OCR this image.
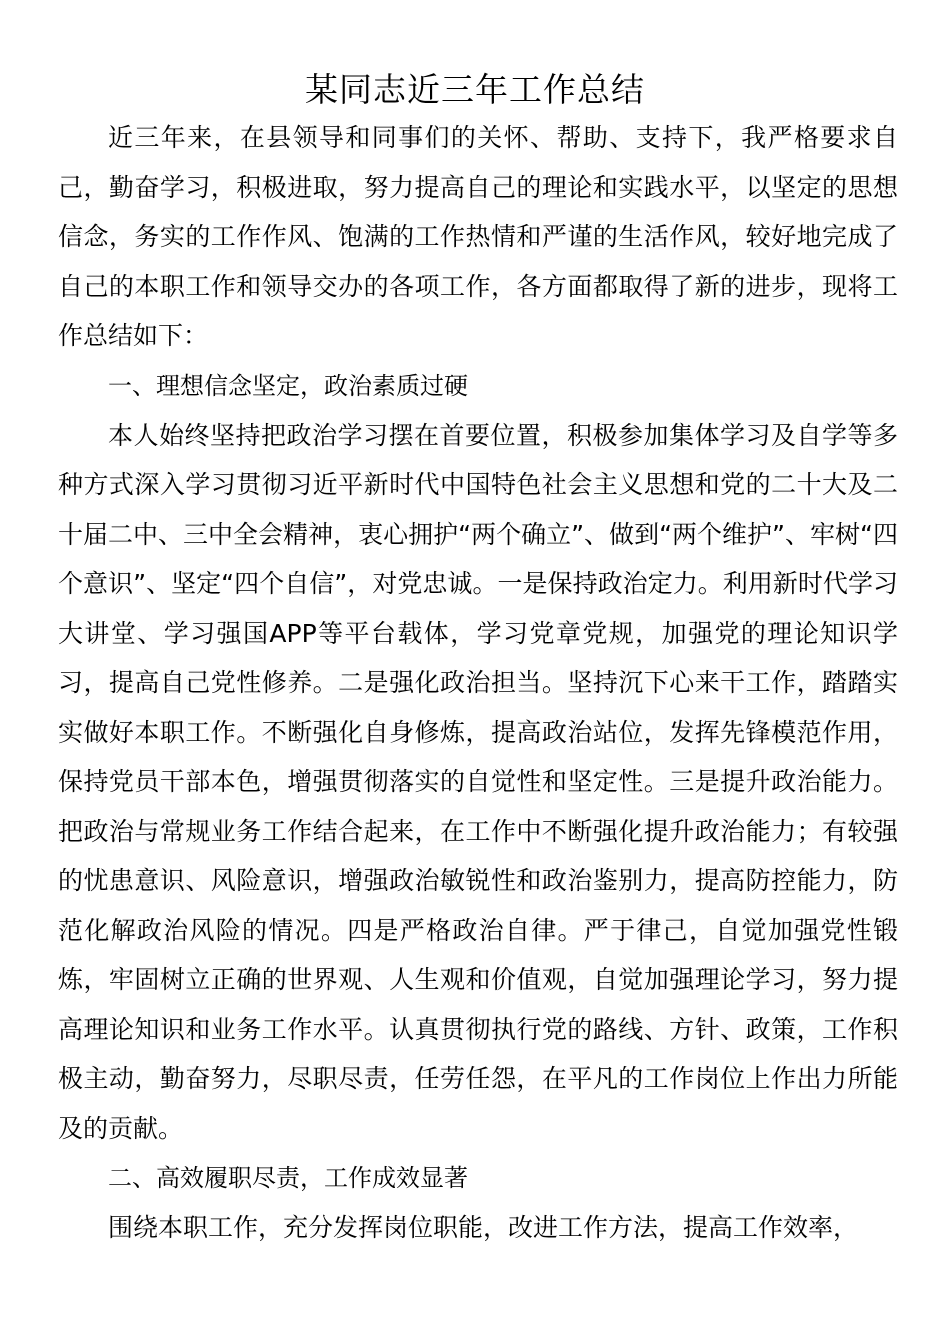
某同志近三年工作总结

近三年来，在县领导和同事们的关怀、帮助、支持下，我严格要求自己，勤奋学习，积极进取，努力提高自己的理论和实践水平，以坚定的思想信念，务实的工作作风、饱满的工作热情和严谨的生活作风，较好地完成了自己的本职工作和领导交办的各项工作，各方面都取得了新的进步，现将工作总结如下：

一、理想信念坚定，政治素质过硬

本人始终坚持把政治学习摆在首要位置，积极参加集体学习及自学等多种方式深入学习贯彻习近平新时代中国特色社会主义思想和党的二十大及二十届二中、三中全会精神，衷心拥护“两个确立”、做到“两个维护”、牢树“四个意识”、坚定“四个自信”，对党忠诚。一是保持政治定力。利用新时代学习大讲堂、学习强国APP等平台载体，学习党章党规，加强党的理论知识学习，提高自己党性修养。二是强化政治担当。坚持沉下心来干工作，踏踏实实做好本职工作。不断强化自身修炼，提高政治站位，发挥先锋模范作用，保持党员干部本色，增强贯彻落实的自觉性和坚定性。三是提升政治能力。把政治与常规业务工作结合起来，在工作中不断强化提升政治能力；有较强的忧患意识、风险意识，增强政治敏锐性和政治鉴别力，提高防控能力，防范化解政治风险的情况。四是严格政治自律。严于律己，自觉加强党性锻炼，牢固树立正确的世界观、人生观和价值观，自觉加强理论学习，努力提高理论知识和业务工作水平。认真贯彻执行党的路线、方针、政策，工作积极主动，勤奋努力，尽职尽责，任劳任怨，在平凡的工作岗位上作出力所能及的贡献。

二、高效履职尽责，工作成效显著

围绕本职工作，充分发挥岗位职能，改进工作方法，提高工作效率，
